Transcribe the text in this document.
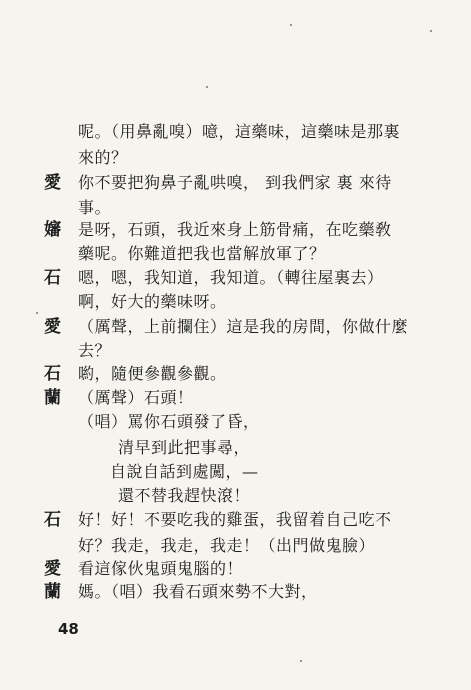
呢。（用鼻亂嗅）噫，這藥味，這藥味是那裏
來的？
愛	你不要把狗鼻子亂哄嗅， 到我們家 裏 來待
事。
嬸	是呀，石頭，我近來身上筋骨痛，在吃藥敎
藥呢。你難道把我也當解放軍了？
石	嗯，嗯，我知道，我知道。（轉往屋裏去）
啊，好大的藥味呀。
愛	（厲聲，上前攔住）這是我的房間，你做什麼
去？
石	喲，隨便參觀參觀。
蘭	（厲聲）石頭！
（唱）罵你石頭發了昏，
清早到此把事尋，
自說自話到處闖，—
還不替我趕快滾！
石	好！好！不要吃我的雞蛋，我留着自己吃不
好？我走，我走，我走！（出門做鬼臉）
愛	看這傢伙鬼頭鬼腦的！
蘭	媽。（唱）我看石頭來勢不大對，
48
